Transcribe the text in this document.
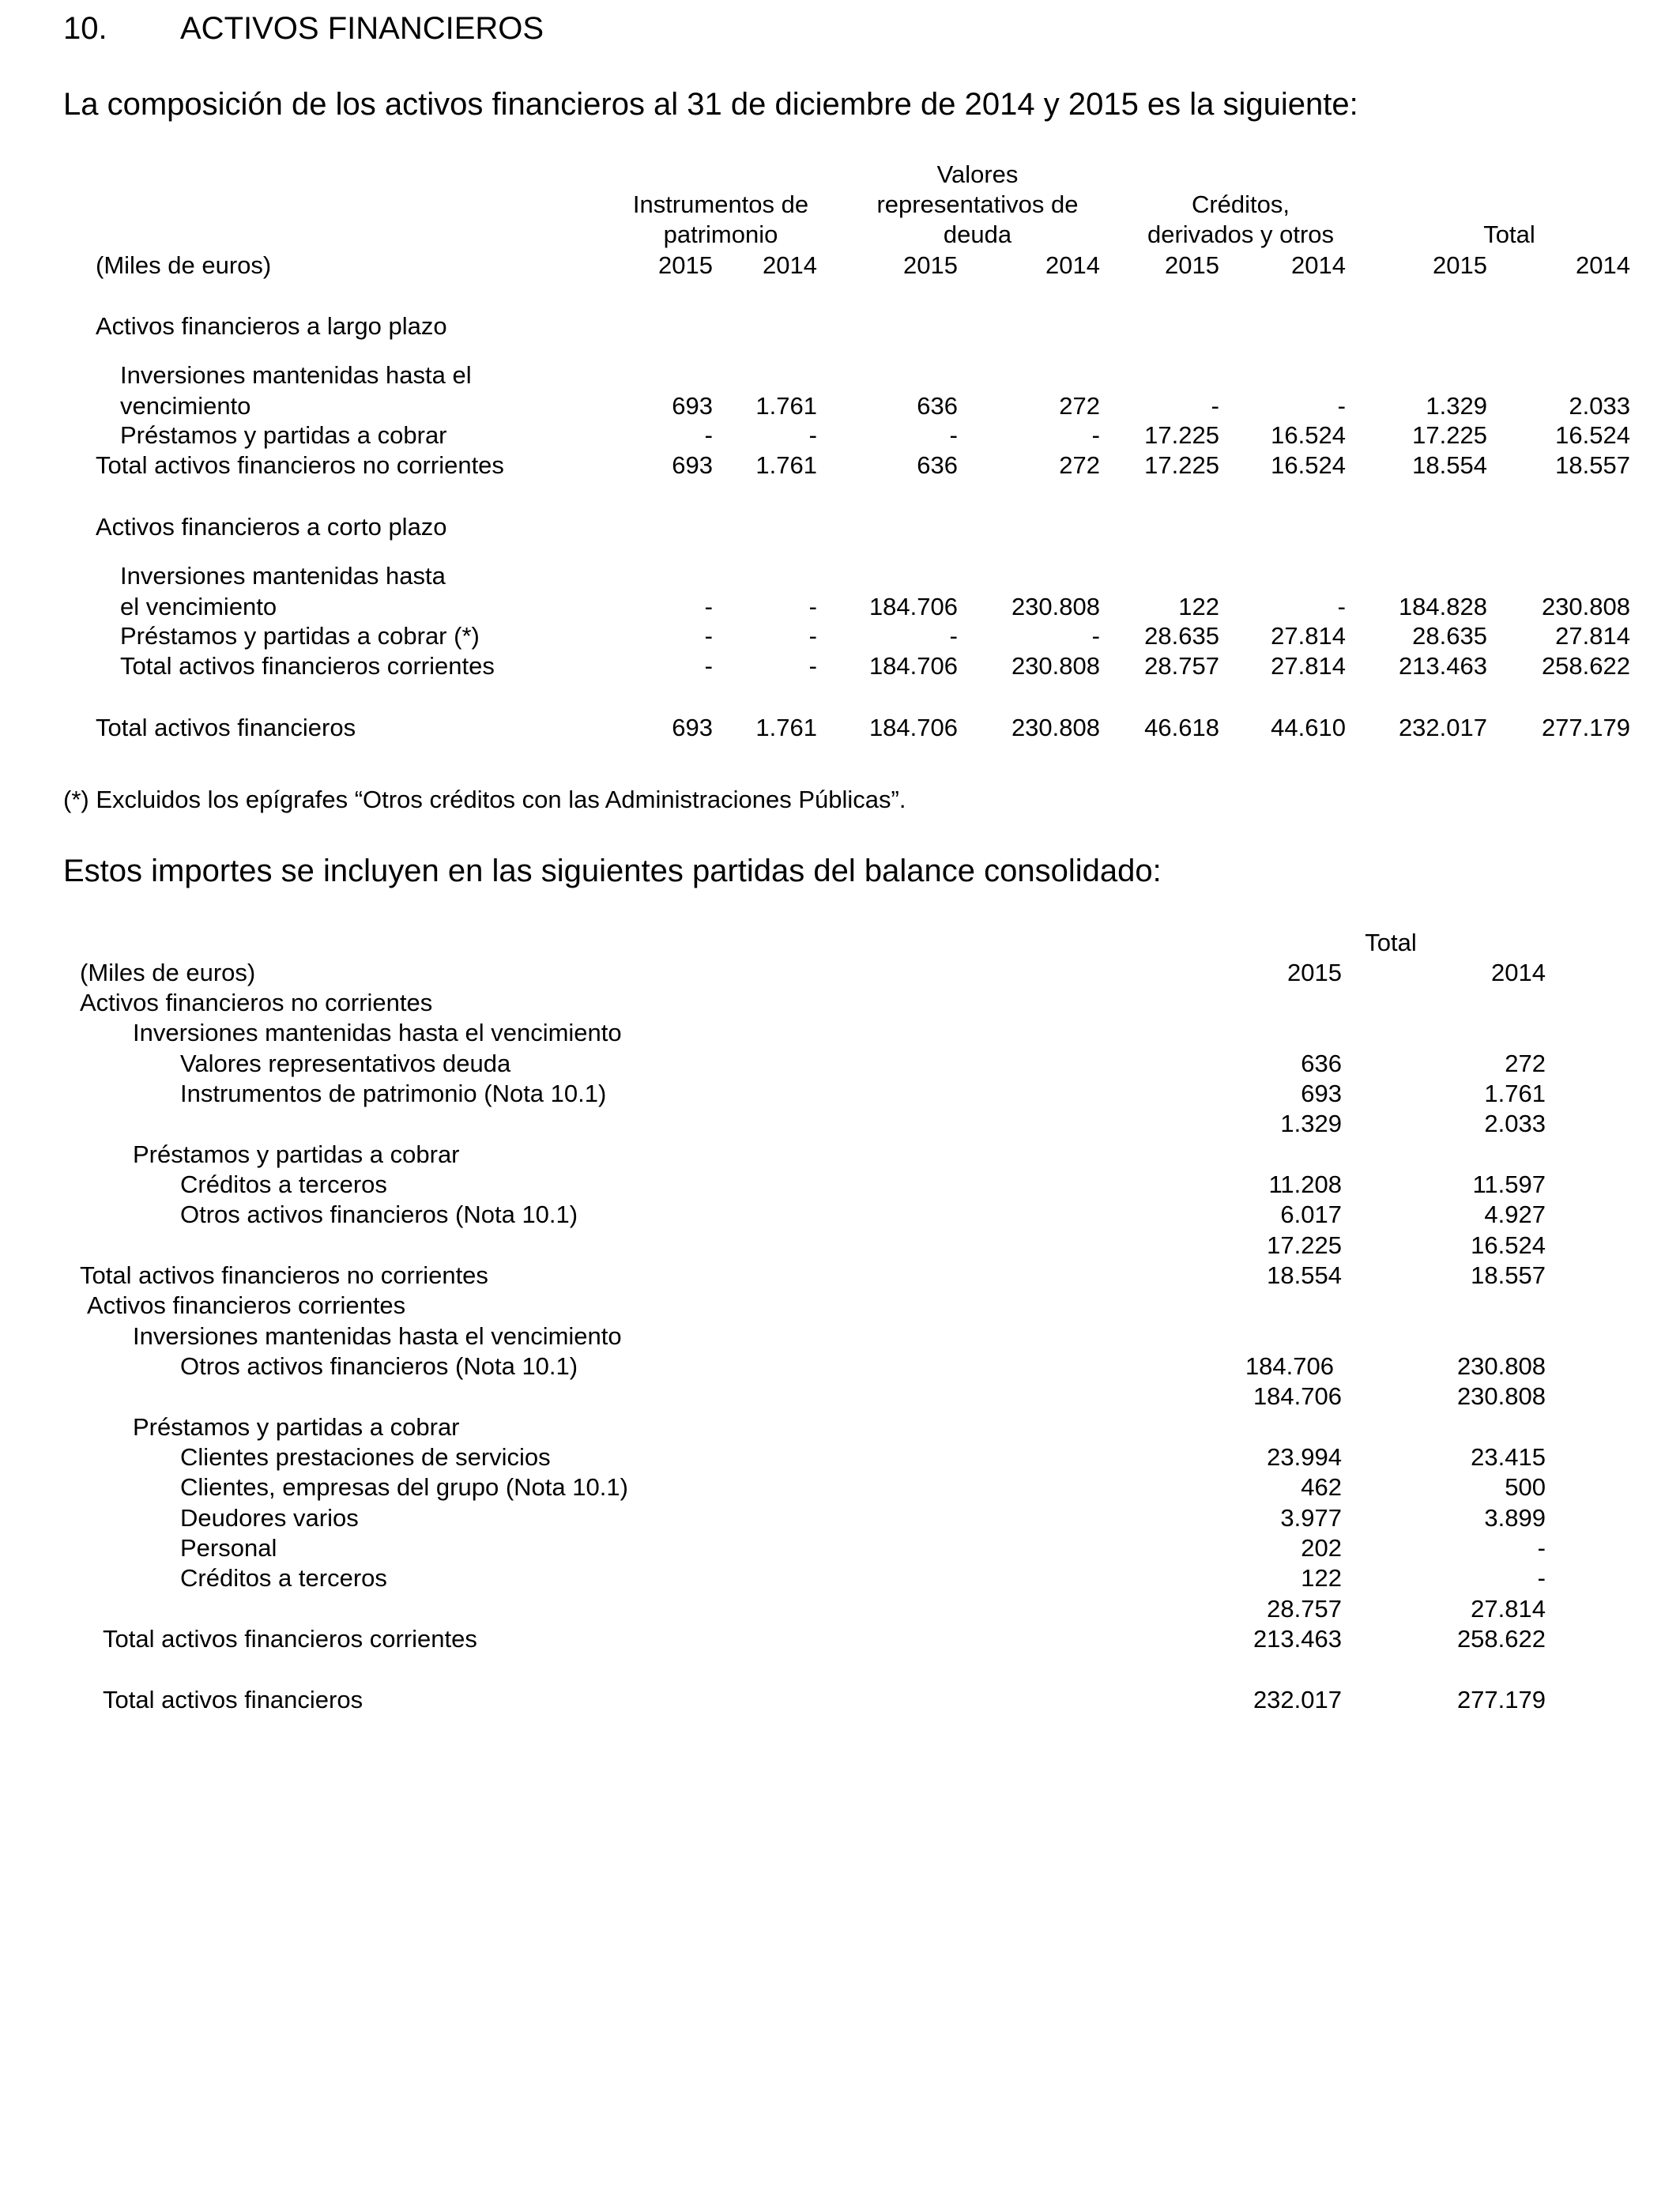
10. ACTIVOS FINANCIEROS
La composición de los activos financieros al 31 de diciembre de 2014 y 2015 es la siguiente:
Instrumentos de
patrimonio
Valores
representativos de
deuda
Créditos,
derivados y otros	Total
(Miles de euros)	2015	2014	2015	2014	2015	2014	2015	2014
Activos financieros a largo plazo
Inversiones mantenidas hasta el
vencimiento	693	1.761	636	272	-	-	1.329	2.033
Préstamos y partidas a cobrar	-	-	-	-	17.225	16.524	17.225	16.524
Total activos financieros no corrientes	693	1.761	636	272	17.225	16.524	18.554	18.557
Activos financieros a corto plazo
Inversiones mantenidas hasta
el vencimiento	-	-	184.706	230.808	122	-	184.828	230.808
Préstamos y partidas a cobrar (*)	-	-	-	-	28.635	27.814	28.635	27.814
Total activos financieros corrientes	-	-	184.706	230.808	28.757	27.814	213.463	258.622
Total activos financieros	693	1.761	184.706	230.808	46.618	44.610	232.017	277.179
(*) Excluidos los epígrafes “Otros créditos con las Administraciones Públicas”.
Estos importes se incluyen en las siguientes partidas del balance consolidado:
Total
(Miles de euros)	2015	2014
Activos financieros no corrientes
Inversiones mantenidas hasta el vencimiento
Valores representativos deuda	636	272
Instrumentos de patrimonio (Nota 10.1)	693	1.761
1.329	2.033
Préstamos y partidas a cobrar
Créditos a terceros	11.208	11.597
Otros activos financieros (Nota 10.1)	6.017	4.927
17.225	16.524
Total activos financieros no corrientes	18.554	18.557
Activos financieros corrientes
Inversiones mantenidas hasta el vencimiento
Otros activos financieros (Nota 10.1)	184.706	230.808
184.706	230.808
Préstamos y partidas a cobrar
Clientes prestaciones de servicios	23.994	23.415
Clientes, empresas del grupo (Nota 10.1)	462	500
Deudores varios	3.977	3.899
Personal	202	-
Créditos a terceros	122	-
28.757	27.814
Total activos financieros corrientes	213.463	258.622
Total activos financieros	232.017	277.179
